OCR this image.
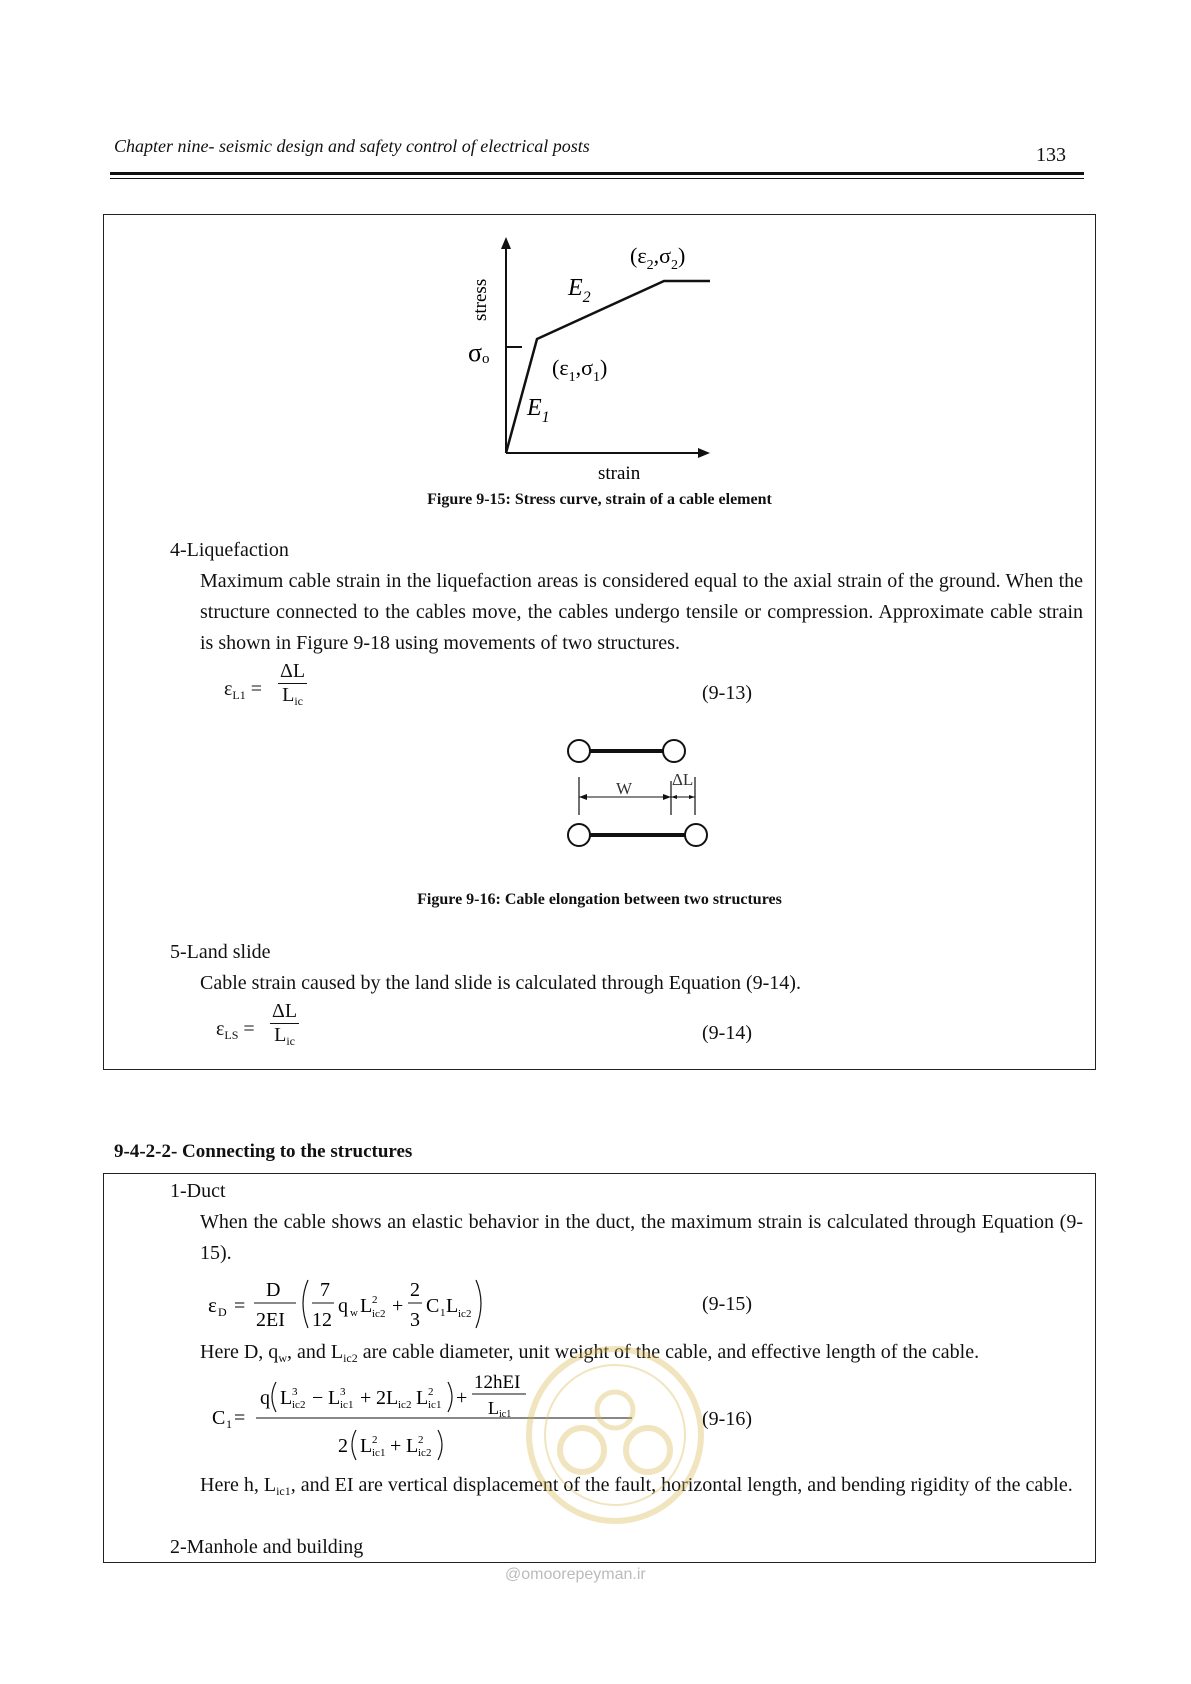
Chapter nine- seismic design and safety control of electrical posts	133
stress
σo
$E_2$
$(\varepsilon_2,\sigma_2)$
$(\varepsilon_1,\sigma_1)$
$E_1$
strain
Figure 9-15: Stress curve, strain of a cable element
4-Liquefaction
Maximum cable strain in the liquefaction areas is considered equal to the axial strain of the ground. When the structure connected to the cables move, the cables undergo tensile or compression. Approximate cable strain is shown in Figure 9-18 using movements of two structures.
$\varepsilon_{L1}$ =
ΔL
$L_{ic}$	(9-13)
W ΔL
Figure 9-16: Cable elongation between two structures
5-Land slide
Cable strain caused by the land slide is calculated through Equation (9-14).
$\varepsilon_{LS}$ =
ΔL
$L_{ic}$	(9-14)
9-4-2-2- Connecting to the structures
1-Duct
When the cable shows an elastic behavior in the duct, the maximum strain is calculated through Equation (9-15).
ε D =
D
2EI
7
12
q w L 2
ic2 +
2
3
C 1 L ic2	(9-15)
Here D, $q_w$, and $L_{ic2}$ are cable diameter, unit weight of the cable, and effective length of the cable.
C 1 =
q L 3
ic2 − L 3
ic1 + 2L ic2 L 2
ic1 +
12hEI
L ic1
2 L 2
ic1 + L 2
ic2
(9-16)
Here h, $L_{ic1}$, and EI are vertical displacement of the fault, horizontal length, and bending rigidity of the cable.
2-Manhole and building
@omoorepeyman.ir
